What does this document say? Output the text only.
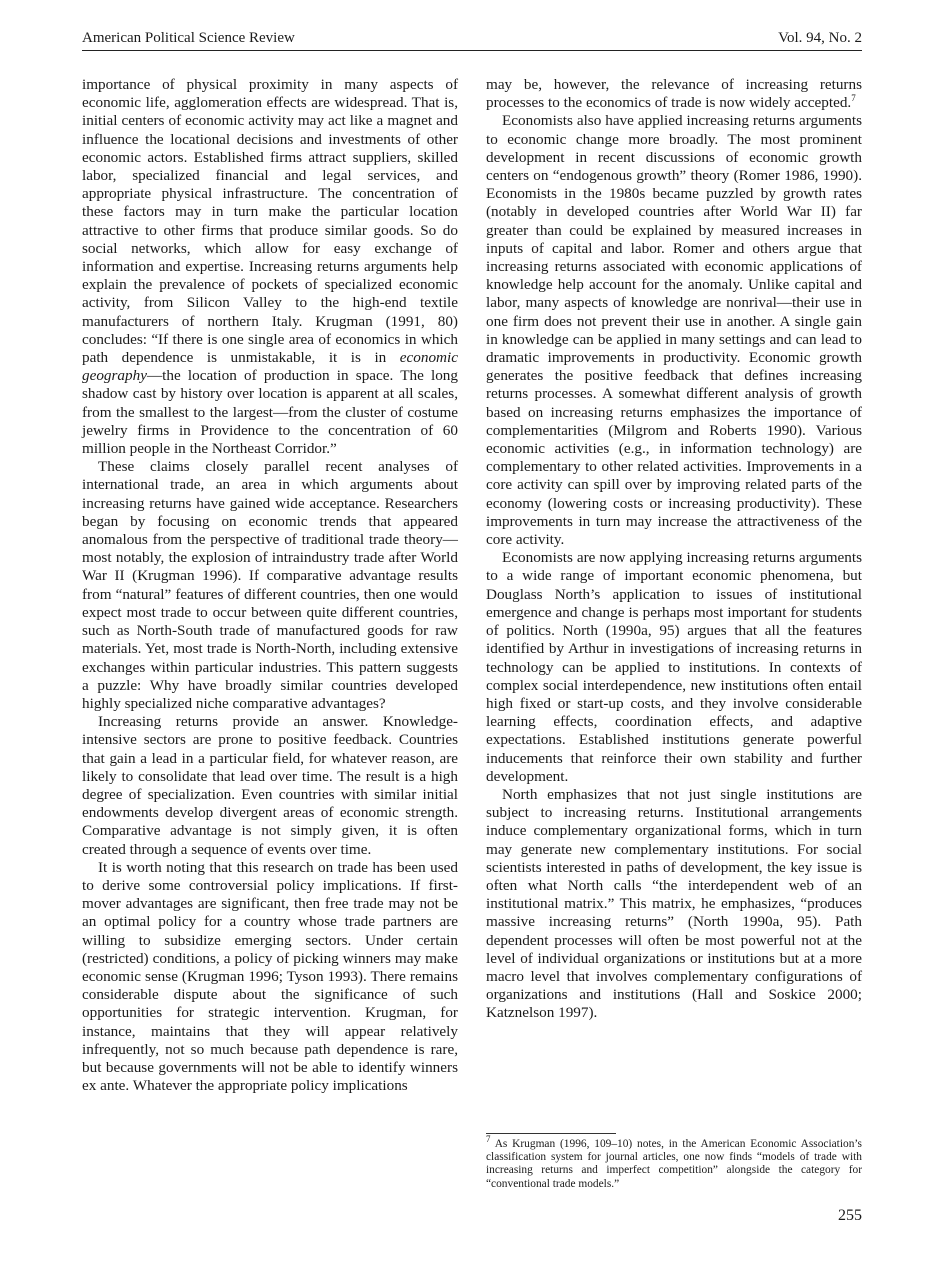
American Political Science Review	Vol. 94, No. 2

importance of physical proximity in many aspects of economic life, agglomeration effects are widespread. That is, initial centers of economic activity may act like a magnet and influence the locational decisions and investments of other economic actors. Established firms attract suppliers, skilled labor, specialized financial and legal services, and appropriate physical infrastructure. The concentration of these factors may in turn make the particular location attractive to other firms that produce similar goods. So do social networks, which allow for easy exchange of information and expertise. Increasing returns arguments help explain the prevalence of pockets of specialized economic activity, from Silicon Valley to the high-end textile manufacturers of northern Italy. Krugman (1991, 80) concludes: “If there is one single area of economics in which path dependence is unmistakable, it is in economic geography—the location of production in space. The long shadow cast by history over location is apparent at all scales, from the smallest to the largest—from the cluster of costume jewelry firms in Providence to the concentration of 60 million people in the Northeast Corridor.”

These claims closely parallel recent analyses of international trade, an area in which arguments about increasing returns have gained wide acceptance. Researchers began by focusing on economic trends that appeared anomalous from the perspective of traditional trade theory—most notably, the explosion of intraindustry trade after World War II (Krugman 1996). If comparative advantage results from “natural” features of different countries, then one would expect most trade to occur between quite different countries, such as North-South trade of manufactured goods for raw materials. Yet, most trade is North-North, including extensive exchanges within particular industries. This pattern suggests a puzzle: Why have broadly similar countries developed highly specialized niche comparative advantages?

Increasing returns provide an answer. Knowledge-intensive sectors are prone to positive feedback. Countries that gain a lead in a particular field, for whatever reason, are likely to consolidate that lead over time. The result is a high degree of specialization. Even countries with similar initial endowments develop divergent areas of economic strength. Comparative advantage is not simply given, it is often created through a sequence of events over time.

It is worth noting that this research on trade has been used to derive some controversial policy implications. If first-mover advantages are significant, then free trade may not be an optimal policy for a country whose trade partners are willing to subsidize emerging sectors. Under certain (restricted) conditions, a policy of picking winners may make economic sense (Krugman 1996; Tyson 1993). There remains considerable dispute about the significance of such opportunities for strategic intervention. Krugman, for instance, maintains that they will appear relatively infrequently, not so much because path dependence is rare, but because governments will not be able to identify winners ex ante. Whatever the appropriate policy implications

may be, however, the relevance of increasing returns processes to the economics of trade is now widely accepted.$^7$

Economists also have applied increasing returns arguments to economic change more broadly. The most prominent development in recent discussions of economic growth centers on “endogenous growth” theory (Romer 1986, 1990). Economists in the 1980s became puzzled by growth rates (notably in developed countries after World War II) far greater than could be explained by measured increases in inputs of capital and labor. Romer and others argue that increasing returns associated with economic applications of knowledge help account for the anomaly. Unlike capital and labor, many aspects of knowledge are nonrival—their use in one firm does not prevent their use in another. A single gain in knowledge can be applied in many settings and can lead to dramatic improvements in productivity. Economic growth generates the positive feedback that defines increasing returns processes. A somewhat different analysis of growth based on increasing returns emphasizes the importance of complementarities (Milgrom and Roberts 1990). Various economic activities (e.g., in information technology) are complementary to other related activities. Improvements in a core activity can spill over by improving related parts of the economy (lowering costs or increasing productivity). These improvements in turn may increase the attractiveness of the core activity.

Economists are now applying increasing returns arguments to a wide range of important economic phenomena, but Douglass North’s application to issues of institutional emergence and change is perhaps most important for students of politics. North (1990a, 95) argues that all the features identified by Arthur in investigations of increasing returns in technology can be applied to institutions. In contexts of complex social interdependence, new institutions often entail high fixed or start-up costs, and they involve considerable learning effects, coordination effects, and adaptive expectations. Established institutions generate powerful inducements that reinforce their own stability and further development.

North emphasizes that not just single institutions are subject to increasing returns. Institutional arrangements induce complementary organizational forms, which in turn may generate new complementary institutions. For social scientists interested in paths of development, the key issue is often what North calls “the interdependent web of an institutional matrix.” This matrix, he emphasizes, “produces massive increasing returns” (North 1990a, 95). Path dependent processes will often be most powerful not at the level of individual organizations or institutions but at a more macro level that involves complementary configurations of organizations and institutions (Hall and Soskice 2000; Katznelson 1997).

$^7$ As Krugman (1996, 109–10) notes, in the American Economic Association’s classification system for journal articles, one now finds “models of trade with increasing returns and imperfect competition” alongside the category for “conventional trade models.”
255
